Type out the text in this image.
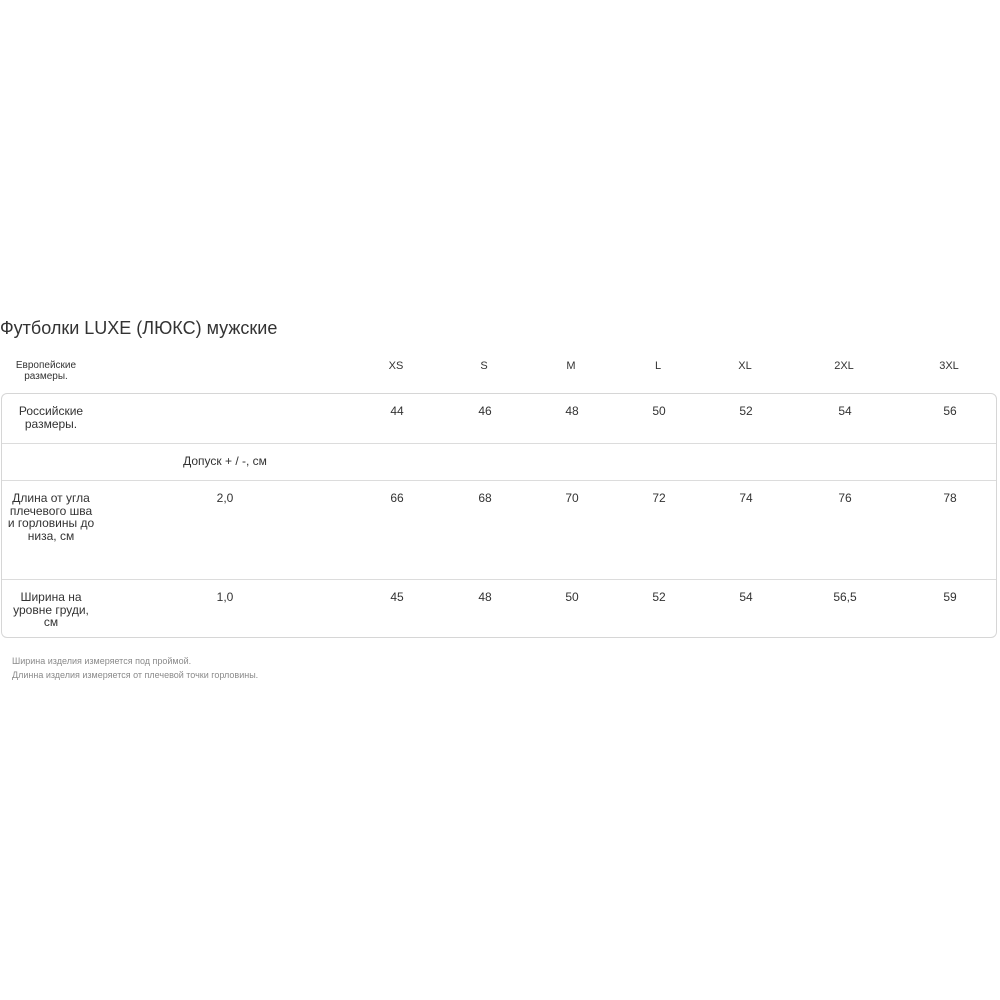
Футболки LUXE (ЛЮКС) мужские
Европейские размеры.
XS	S	M	L	XL	2XL	3XL
Российские размеры.
44	46	48	50	52	54	56
Допуск + / -, см
Длина от угла плечевого шва и горловины до низа, см
2,0	66	68	70	72	74	76	78
Ширина на уровне груди, см
1,0	45	48	50	52	54	56,5	59
Ширина изделия измеряется под проймой.
Длинна изделия измеряется от плечевой точки горловины.
